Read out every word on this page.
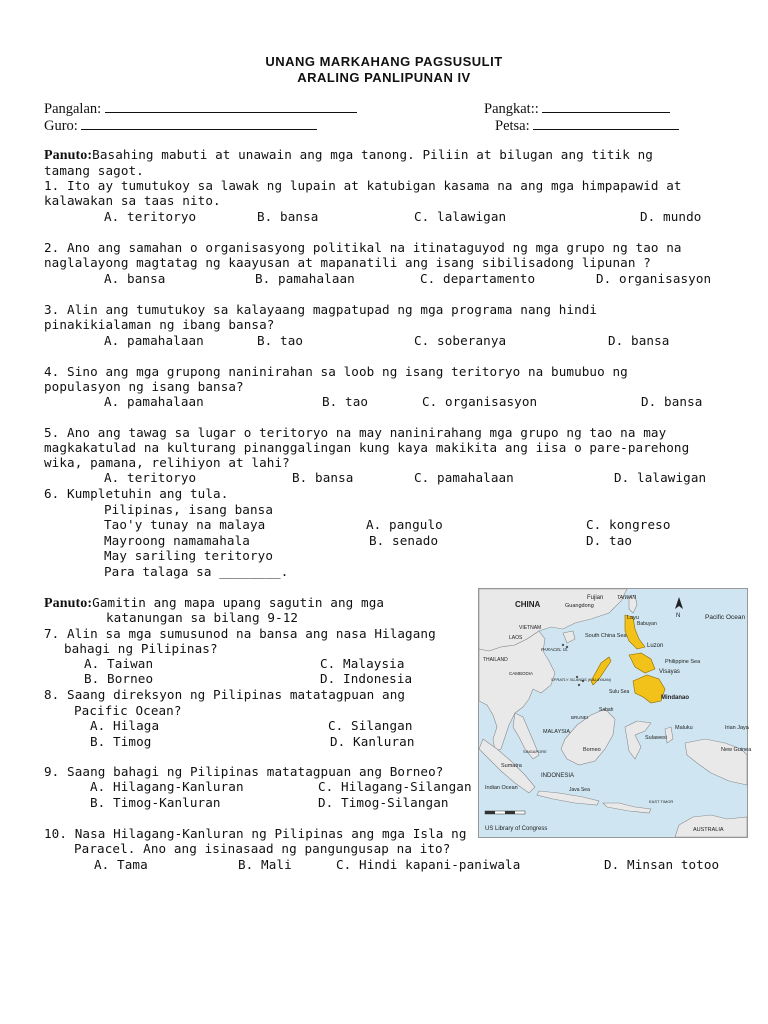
UNANG MARKAHANG PAGSUSULIT
ARALING PANLIPUNAN IV
Pangalan:	Pangkat::
Guro:	Petsa:
Panuto:Basahing mabuti at unawain ang mga tanong. Piliin at bilugan ang titik ng
tamang sagot.
1. Ito ay tumutukoy sa lawak ng lupain at katubigan kasama na ang mga himpapawid at
kalawakan sa taas nito.
A. teritoryo	B. bansa	C. lalawigan	D. mundo
2. Ano ang samahan o organisasyong politikal na itinataguyod ng mga grupo ng tao na
naglalayong magtatag ng kaayusan at mapanatili ang isang sibilisadong lipunan ?
A. bansa	B. pamahalaan	C. departamento	D. organisasyon
3. Alin ang tumutukoy sa kalayaang magpatupad ng mga programa nang hindi
pinakikialaman ng ibang bansa?
A. pamahalaan	B. tao	C. soberanya	D. bansa
4. Sino ang mga grupong naninirahan sa loob ng isang teritoryo na bumubuo ng
populasyon ng isang bansa?
A. pamahalaan	B. tao	C. organisasyon	D. bansa
5. Ano ang tawag sa lugar o teritoryo na may naninirahang mga grupo ng tao na may
magkakatulad na kulturang pinanggalingan kung kaya makikita ang iisa o pare-parehong
wika, pamana, relihiyon at lahi?
A. teritoryo	B. bansa	C. pamahalaan	D. lalawigan
6. Kumpletuhin ang tula.
Pilipinas, isang bansa
Tao'y tunay na malaya
Mayroong namamahala
May sariling teritoryo
Para talaga sa ________.
A. pangulo
B. senado
C. kongreso
D. tao
Panuto:Gamitin ang mapa upang sagutin ang mga
katanungan sa bilang 9-12
7. Alin sa mga sumusunod na bansa ang nasa Hilagang
bahagi ng Pilipinas?
A. Taiwan
B. Borneo
C. Malaysia
D. Indonesia
8. Saang direksyon ng Pilipinas matatagpuan ang
Pacific Ocean?
A. Hilaga
B. Timog
C. Silangan
D. Kanluran
9. Saang bahagi ng Pilipinas matatagpuan ang Borneo?
A. Hilagang-Kanluran
B. Timog-Kanluran
C. Hilagang-Silangan
D. Timog-Silangan
10. Nasa Hilagang-Kanluran ng Pilipinas ang mga Isla ng
Paracel. Ano ang isinasaad ng pangungusap na ito?
A. Tama	B. Mali	C. Hindi kapani-paniwala	D. Minsan totoo
CHINA
Fujian	TAIWAN
Guangdong
VIETNAM
LAOS
Layu
South China Sea
Babuyan
PARACEL IS.
Luzon
Philippine Sea
Pacific Ocean
THAILAND
CAMBODIA
SPRATLY ISLANDS (KALAYAAN)
Visayas
Sulu Sea
Mindanao
MALAYSIA
Sabah
BRUNEI
Borneo
Sulawesi
Maluku	Irian Jaya
New Guinea
Sumatra
INDONESIA
SINGAPORE
Java Sea
Indian Ocean
EAST TIMOR
AUSTRALIA
N
US Library of Congress
